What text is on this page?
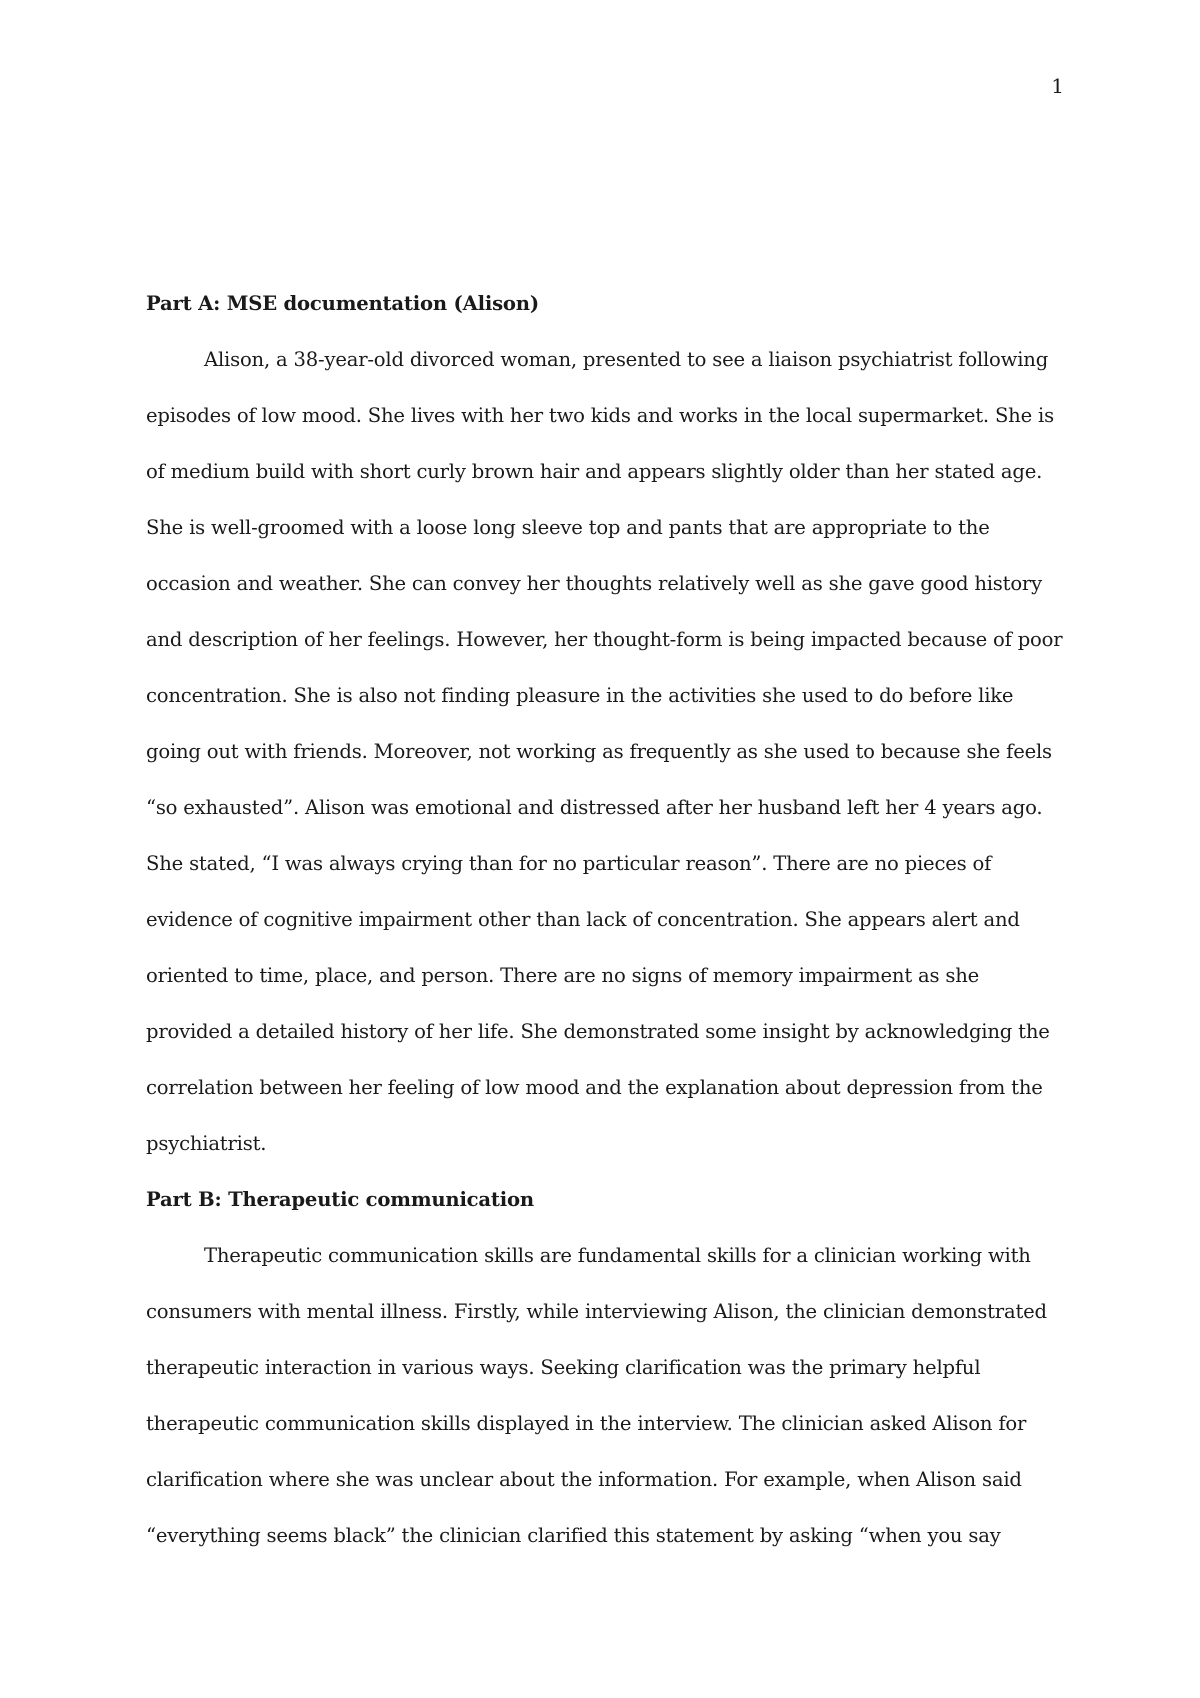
1
Part A: MSE documentation (Alison)
Alison, a 38-year-old divorced woman, presented to see a liaison psychiatrist following
episodes of low mood. She lives with her two kids and works in the local supermarket. She is
of medium build with short curly brown hair and appears slightly older than her stated age.
She is well-groomed with a loose long sleeve top and pants that are appropriate to the
occasion and weather. She can convey her thoughts relatively well as she gave good history
and description of her feelings. However, her thought-form is being impacted because of poor
concentration. She is also not finding pleasure in the activities she used to do before like
going out with friends. Moreover, not working as frequently as she used to because she feels
“so exhausted”. Alison was emotional and distressed after her husband left her 4 years ago.
She stated, “I was always crying than for no particular reason”. There are no pieces of
evidence of cognitive impairment other than lack of concentration. She appears alert and
oriented to time, place, and person. There are no signs of memory impairment as she
provided a detailed history of her life. She demonstrated some insight by acknowledging the
correlation between her feeling of low mood and the explanation about depression from the
psychiatrist.
Part B: Therapeutic communication
Therapeutic communication skills are fundamental skills for a clinician working with
consumers with mental illness. Firstly, while interviewing Alison, the clinician demonstrated
therapeutic interaction in various ways. Seeking clarification was the primary helpful
therapeutic communication skills displayed in the interview. The clinician asked Alison for
clarification where she was unclear about the information. For example, when Alison said
“everything seems black” the clinician clarified this statement by asking “when you say
